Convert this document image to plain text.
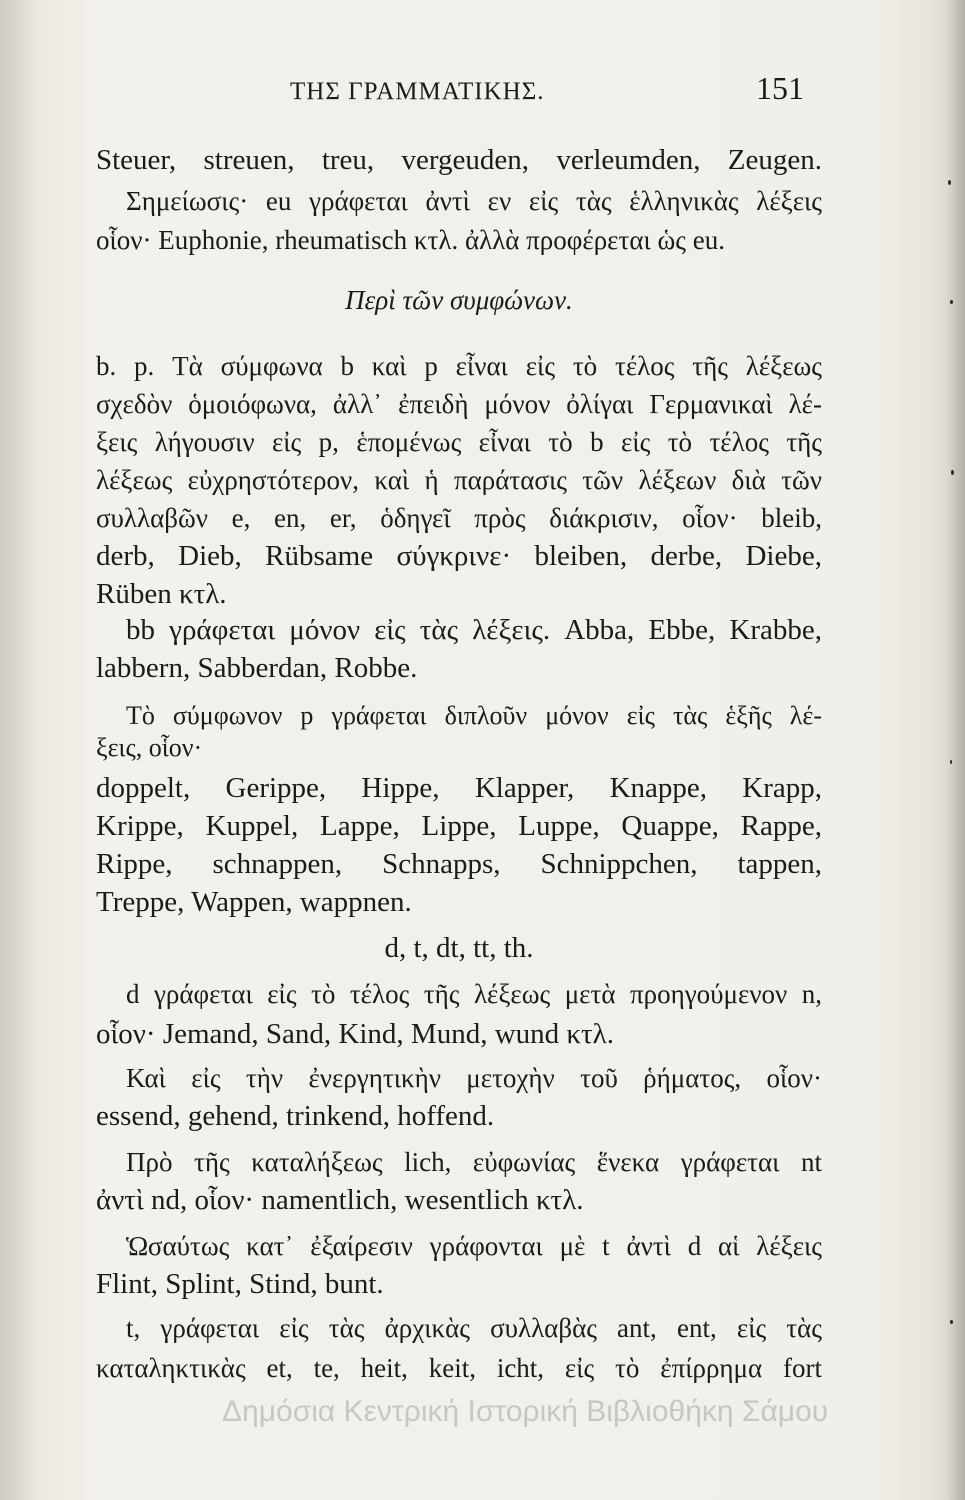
ΤΗΣ ΓΡΑΜΜΑΤΙΚΗΣ.	151
Steuer, streuen, treu, vergeuden, verleumden, Zeugen.
Σημείωσις· eu γράφεται ἀντὶ εν εἰς τὰς ἑλληνικὰς λέξεις
οἷον· Euphonie, rheumatisch κτλ. ἀλλὰ προφέρεται ὡς eu.
Περὶ τῶν συμφώνων.
b. p. Τὰ σύμφωνα b καὶ p εἶναι εἰς τὸ τέλος τῆς λέξεως
σχεδὸν ὁμοιόφωνα, ἀλλ᾽ ἐπειδὴ μόνον ὀλίγαι Γερμανικαὶ λέ-
ξεις λήγουσιν εἰς p, ἑπομένως εἶναι τὸ b εἰς τὸ τέλος τῆς
λέξεως εὐχρηστότερον, καὶ ἡ παράτασις τῶν λέξεων διὰ τῶν
συλλαβῶν e, en, er, ὁδηγεῖ πρὸς διάκρισιν, οἷον· bleib,
derb, Dieb, Rübsame σύγκρινε· bleiben, derbe, Diebe,
Rüben κτλ.
bb γράφεται μόνον εἰς τὰς λέξεις. Abba, Ebbe, Krabbe,
labbern, Sabberdan, Robbe.
Τὸ σύμφωνον p γράφεται διπλοῦν μόνον εἰς τὰς ἑξῆς λέ-
ξεις, οἷον·
doppelt, Gerippe, Hippe, Klapper, Knappe, Krapp,
Krippe, Kuppel, Lappe, Lippe, Luppe, Quappe, Rappe,
Rippe, schnappen, Schnapps, Schnippchen, tappen,
Treppe, Wappen, wappnen.
d, t, dt, tt, th.
d γράφεται εἰς τὸ τέλος τῆς λέξεως μετὰ προηγούμενον n,
οἷον· Jemand, Sand, Kind, Mund, wund κτλ.
Καὶ εἰς τὴν ἐνεργητικὴν μετοχὴν τοῦ ῥήματος, οἷον·
essend, gehend, trinkend, hoffend.
Πρὸ τῆς καταλήξεως lich, εὐφωνίας ἕνεκα γράφεται nt
ἀντὶ nd, οἷον· namentlich, wesentlich κτλ.
Ὡσαύτως κατ᾽ ἐξαίρεσιν γράφονται μὲ t ἀντὶ d αἱ λέξεις
Flint, Splint, Stind, bunt.
t, γράφεται εἰς τὰς ἀρχικὰς συλλαβὰς ant, ent, εἰς τὰς
καταληκτικὰς et, te, heit, keit, icht, εἰς τὸ ἐπίρρημα fort
Δημόσια Κεντρική Ιστορική Βιβλιοθήκη Σάμου
